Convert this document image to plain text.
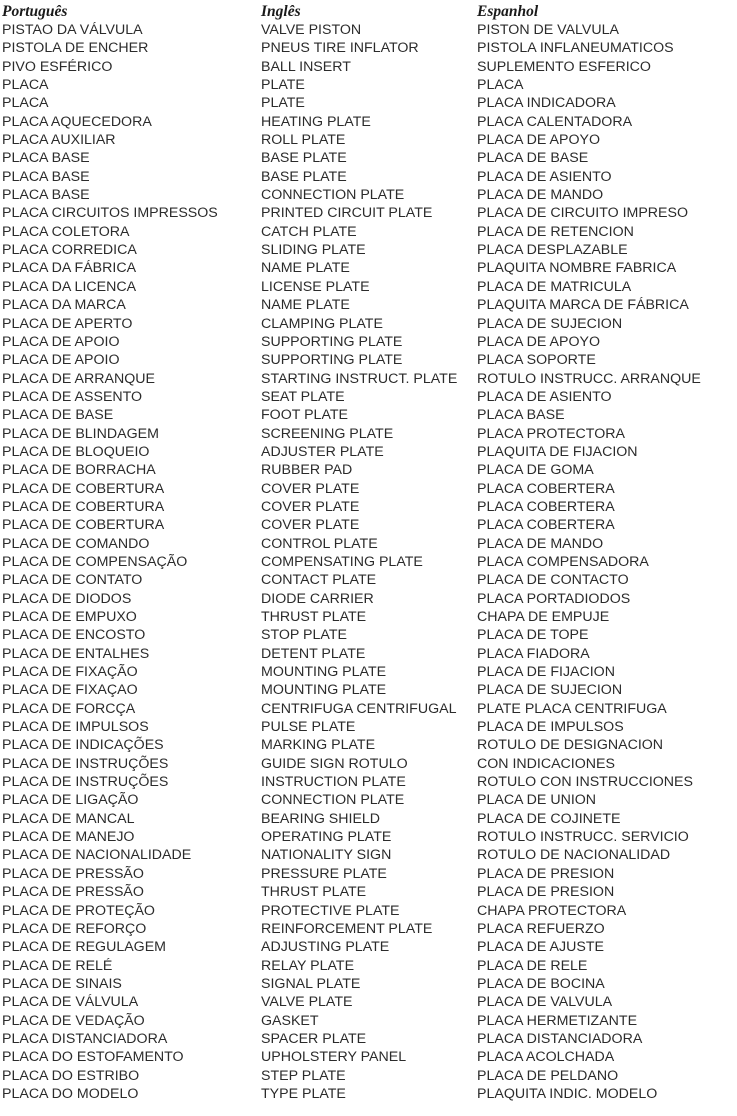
Português	Inglês	Espanhol
PISTAO DA VÁLVULA	VALVE PISTON	PISTON DE VALVULA
PISTOLA DE ENCHER	PNEUS TIRE INFLATOR	PISTOLA INFLANEUMATICOS
PIVO ESFÉRICO	BALL INSERT	SUPLEMENTO ESFERICO
PLACA	PLATE	PLACA
PLACA	PLATE	PLACA INDICADORA
PLACA AQUECEDORA	HEATING PLATE	PLACA CALENTADORA
PLACA AUXILIAR	ROLL PLATE	PLACA DE APOYO
PLACA BASE	BASE PLATE	PLACA DE BASE
PLACA BASE	BASE PLATE	PLACA DE ASIENTO
PLACA BASE	CONNECTION PLATE	PLACA DE MANDO
PLACA CIRCUITOS IMPRESSOS	PRINTED CIRCUIT PLATE	PLACA DE CIRCUITO IMPRESO
PLACA COLETORA	CATCH PLATE	PLACA DE RETENCION
PLACA CORREDICA	SLIDING PLATE	PLACA DESPLAZABLE
PLACA DA FÁBRICA	NAME PLATE	PLAQUITA NOMBRE FABRICA
PLACA DA LICENCA	LICENSE PLATE	PLACA DE MATRICULA
PLACA DA MARCA	NAME PLATE	PLAQUITA MARCA DE FÁBRICA
PLACA DE APERTO	CLAMPING PLATE	PLACA DE SUJECION
PLACA DE APOIO	SUPPORTING PLATE	PLACA DE APOYO
PLACA DE APOIO	SUPPORTING PLATE	PLACA SOPORTE
PLACA DE ARRANQUE	STARTING INSTRUCT. PLATE	ROTULO INSTRUCC. ARRANQUE
PLACA DE ASSENTO	SEAT PLATE	PLACA DE ASIENTO
PLACA DE BASE	FOOT PLATE	PLACA BASE
PLACA DE BLINDAGEM	SCREENING PLATE	PLACA PROTECTORA
PLACA DE BLOQUEIO	ADJUSTER PLATE	PLAQUITA DE FIJACION
PLACA DE BORRACHA	RUBBER PAD	PLACA DE GOMA
PLACA DE COBERTURA	COVER PLATE	PLACA COBERTERA
PLACA DE COBERTURA	COVER PLATE	PLACA COBERTERA
PLACA DE COBERTURA	COVER PLATE	PLACA COBERTERA
PLACA DE COMANDO	CONTROL PLATE	PLACA DE MANDO
PLACA DE COMPENSAÇÃO	COMPENSATING PLATE	PLACA COMPENSADORA
PLACA DE CONTATO	CONTACT PLATE	PLACA DE CONTACTO
PLACA DE DIODOS	DIODE CARRIER	PLACA PORTADIODOS
PLACA DE EMPUXO	THRUST PLATE	CHAPA DE EMPUJE
PLACA DE ENCOSTO	STOP PLATE	PLACA DE TOPE
PLACA DE ENTALHES	DETENT PLATE	PLACA FIADORA
PLACA DE FIXAÇÃO	MOUNTING PLATE	PLACA DE FIJACION
PLACA DE FIXAÇAO	MOUNTING PLATE	PLACA DE SUJECION
PLACA DE FORCÇA	CENTRIFUGA CENTRIFUGAL	PLATE PLACA CENTRIFUGA
PLACA DE IMPULSOS	PULSE PLATE	PLACA DE IMPULSOS
PLACA DE INDICAÇÕES	MARKING PLATE	ROTULO DE DESIGNACION
PLACA DE INSTRUÇÕES	GUIDE SIGN ROTULO	CON INDICACIONES
PLACA DE INSTRUÇÕES	INSTRUCTION PLATE	ROTULO CON INSTRUCCIONES
PLACA DE LIGAÇÃO	CONNECTION PLATE	PLACA DE UNION
PLACA DE MANCAL	BEARING SHIELD	PLACA DE COJINETE
PLACA DE MANEJO	OPERATING PLATE	ROTULO INSTRUCC. SERVICIO
PLACA DE NACIONALIDADE	NATIONALITY SIGN	ROTULO DE NACIONALIDAD
PLACA DE PRESSÃO	PRESSURE PLATE	PLACA DE PRESION
PLACA DE PRESSÃO	THRUST PLATE	PLACA DE PRESION
PLACA DE PROTEÇÃO	PROTECTIVE PLATE	CHAPA PROTECTORA
PLACA DE REFORÇO	REINFORCEMENT PLATE	PLACA REFUERZO
PLACA DE REGULAGEM	ADJUSTING PLATE	PLACA DE AJUSTE
PLACA DE RELÉ	RELAY PLATE	PLACA DE RELE
PLACA DE SINAIS	SIGNAL PLATE	PLACA DE BOCINA
PLACA DE VÁLVULA	VALVE PLATE	PLACA DE VALVULA
PLACA DE VEDAÇÃO	GASKET	PLACA HERMETIZANTE
PLACA DISTANCIADORA	SPACER PLATE	PLACA DISTANCIADORA
PLACA DO ESTOFAMENTO	UPHOLSTERY PANEL	PLACA ACOLCHADA
PLACA DO ESTRIBO	STEP PLATE	PLACA DE PELDANO
PLACA DO MODELO	TYPE PLATE	PLAQUITA INDIC. MODELO
